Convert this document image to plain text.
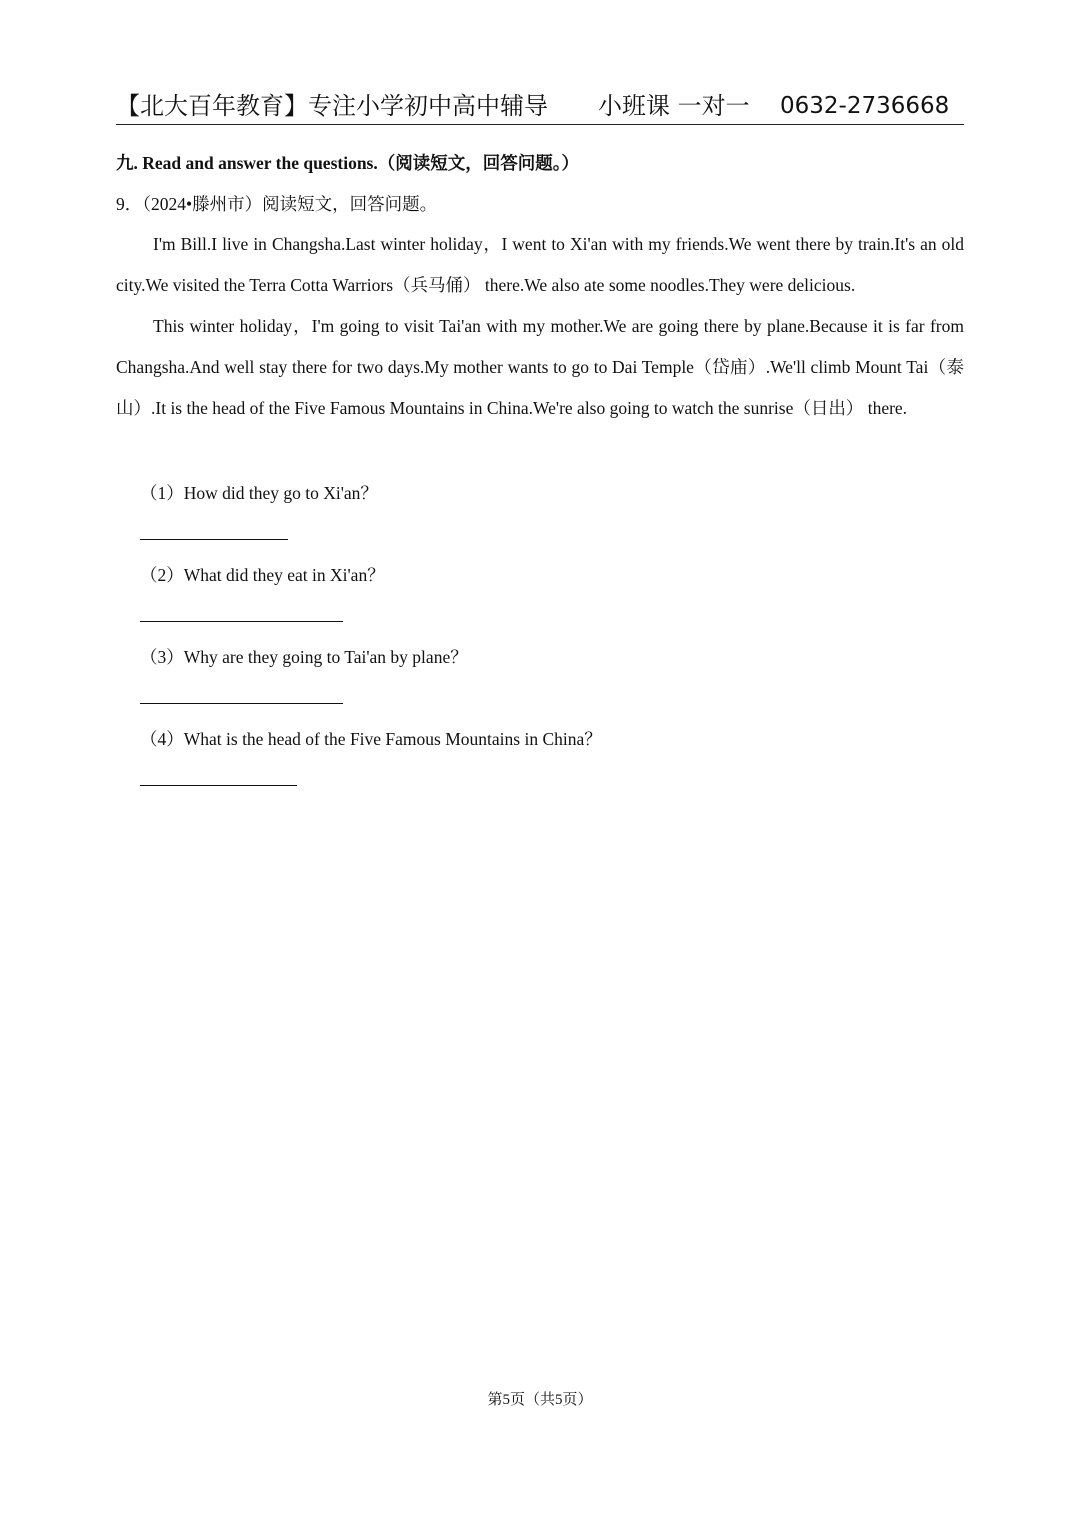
【北大百年教育】专注小学初中高中辅导 小班课 一对一 0632-2736668
九. Read and answer the questions.（阅读短文，回答问题。）
9．（2024•滕州市）阅读短文，回答问题。

I'm Bill.I live in Changsha.Last winter holiday，I went to Xi'an with my friends.We went there by train.It's an old city.We visited the Terra Cotta Warriors（兵马俑） there.We also ate some noodles.They were delicious.

This winter holiday，I'm going to visit Tai'an with my mother.We are going there by plane.Because it is far from Changsha.And well stay there for two days.My mother wants to go to Dai Temple（岱庙）.We'll climb Mount Tai（泰山）.It is the head of the Five Famous Mountains in China.We're also going to watch the sunrise（日出） there.

（1）How did they go to Xi'an？
（2）What did they eat in Xi'an？
（3）Why are they going to Tai'an by plane？
（4）What is the head of the Five Famous Mountains in China？
第5页（共5页）
